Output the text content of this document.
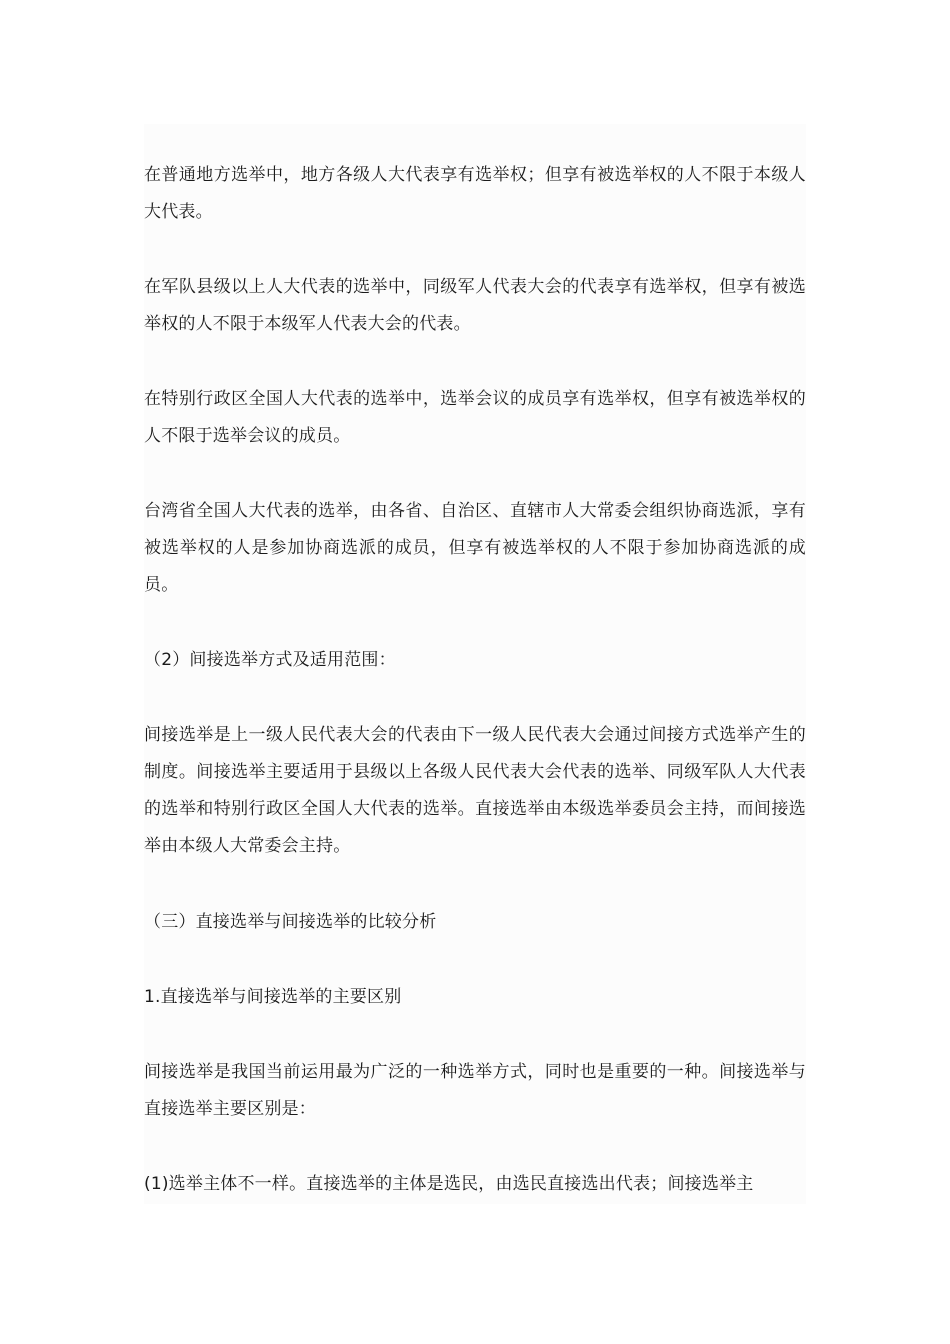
在普通地方选举中，地方各级人大代表享有选举权；但享有被选举权的人不限于本级人大代表。

在军队县级以上人大代表的选举中，同级军人代表大会的代表享有选举权，但享有被选举权的人不限于本级军人代表大会的代表。

在特别行政区全国人大代表的选举中，选举会议的成员享有选举权，但享有被选举权的人不限于选举会议的成员。

台湾省全国人大代表的选举，由各省、自治区、直辖市人大常委会组织协商选派，享有被选举权的人是参加协商选派的成员，但享有被选举权的人不限于参加协商选派的成员。

（2）间接选举方式及适用范围：

间接选举是上一级人民代表大会的代表由下一级人民代表大会通过间接方式选举产生的制度。间接选举主要适用于县级以上各级人民代表大会代表的选举、同级军队人大代表的选举和特别行政区全国人大代表的选举。直接选举由本级选举委员会主持，而间接选举由本级人大常委会主持。

（三）直接选举与间接选举的比较分析

1.直接选举与间接选举的主要区别

间接选举是我国当前运用最为广泛的一种选举方式，同时也是重要的一种。间接选举与直接选举主要区别是：

(1)选举主体不一样。直接选举的主体是选民，由选民直接选出代表；间接选举主
